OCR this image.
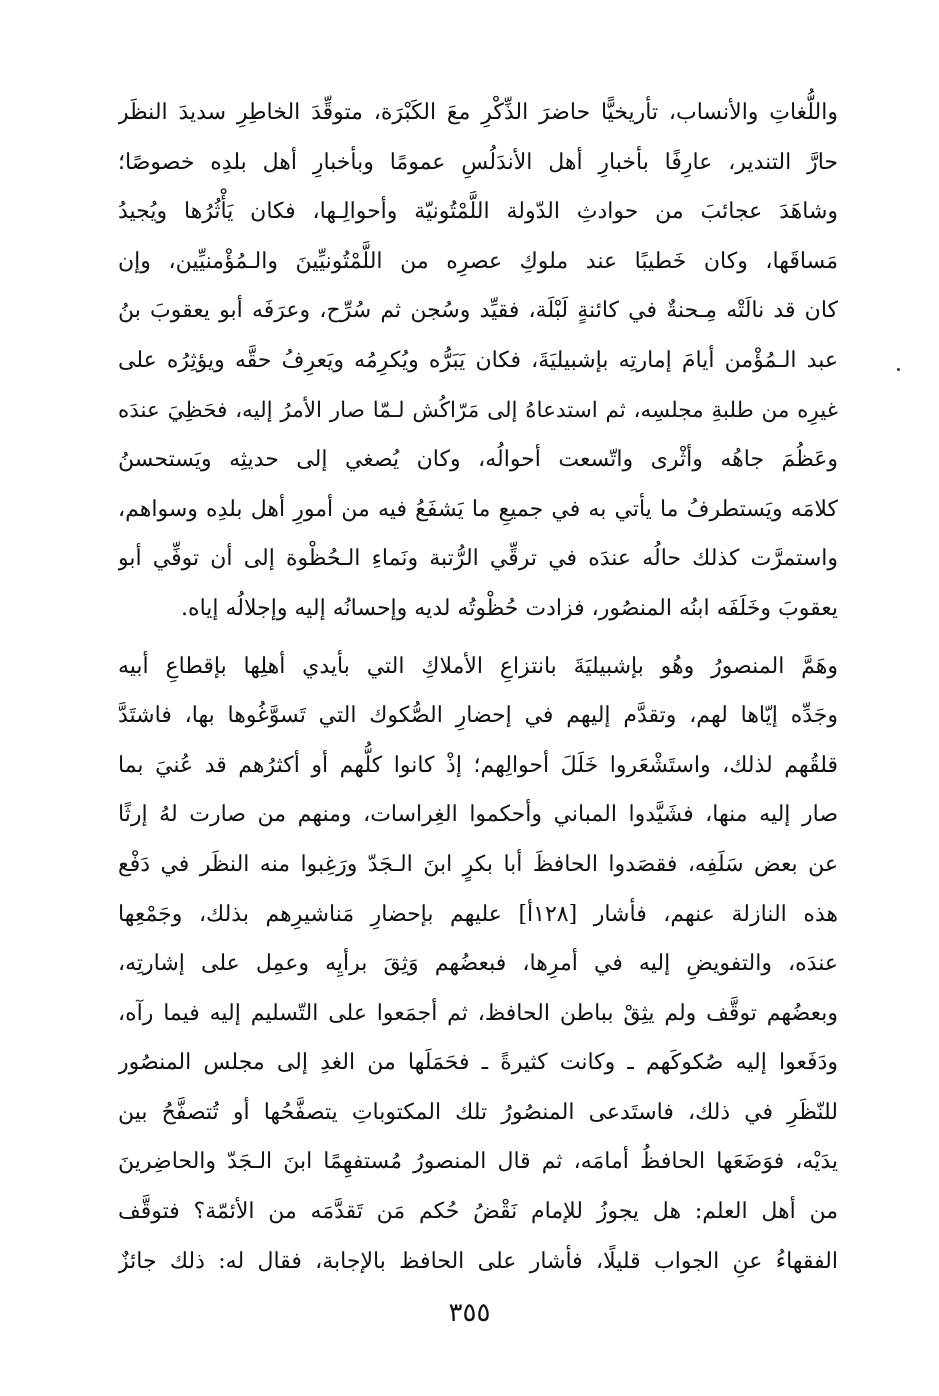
واللُّغاتِ والأنساب، تأريخيًّا حاضرَ الذِّكْرِ معَ الكَبْرَة، متوقِّدَ الخاطِرِ سديدَ النظَر
حارَّ التندير، عارِفًا بأخبارِ أهل الأندَلُسِ عمومًا وبأخبارِ أهل بلدِه خصوصًا؛
وشاهَدَ عجائبَ من حوادثِ الدّولة اللَّمْتُونيّة وأحوالِـها، فكان يَأْثُرُها ويُجيدُ
مَساقَها، وكان خَطيبًا عند ملوكِ عصرِه من اللَّمْتُونيِّينَ والـمُؤْمنيِّين، وإن
كان قد نالَتْه مِـحنةٌ في كائنةٍ لَبْلَة، فقيِّد وسُجن ثم سُرِّح، وعرَفَه أبو يعقوبَ بنُ
عبد الـمُؤْمن أيامَ إمارتِه بإشبيليَةَ، فكان يَبَرُّه ويُكرِمُه ويَعرِفُ حقَّه ويؤثِرُه على
غيرِه من طلبةِ مجلسِه، ثم استدعاهُ إلى مَرّاكُش لـمّا صار الأمرُ إليه، فحَظِيَ عندَه
وعَظُمَ جاهُه وأثْرى واتّسعت أحوالُه، وكان يُصغي إلى حديثِه ويَستحسنُ
كلامَه ويَستطرفُ ما يأتي به في جميعِ ما يَشفَعُ فيه من أمورِ أهل بلدِه وسواهم،
واستمرَّت كذلك حالُه عندَه في ترقِّي الرُّتبة ونَماءِ الـحُظْوة إلى أن توفِّي أبو
يعقوبَ وخَلَفَه ابنُه المنصُور، فزادت حُظْوتُه لديه وإحسانُه إليه وإجلالُه إياه.
وهَمَّ المنصورُ وهُو بإشبيليَةَ بانتزاعِ الأملاكِ التي بأيدي أهلِها بإقطاعِ أبيه
وجَدِّه إيّاها لهم، وتقدَّم إليهم في إحضارِ الصُّكوك التي تَسوَّغُوها بها، فاشتَدَّ
قلقُهم لذلك، واستَشْعَروا خَلَلَ أحوالِهم؛ إذْ كانوا كلُّهم أو أكثرُهم قد عُنيَ بما
صار إليه منها، فشَيَّدوا المباني وأحكموا الغِراسات، ومنهم من صارت لهُ إرثًا
عن بعض سَلَفِه، فقصَدوا الحافظَ أبا بكرٍ ابنَ الـجَدّ ورَغِبوا منه النظَر في دَفْع
هذه النازلة عنهم، فأشار [١٢٨أ] عليهم بإحضارِ مَناشيرِهم بذلك، وجَمْعِها
عندَه، والتفويضِ إليه في أمرِها، فبعضُهم وَثِقَ برأيِه وعمِل على إشارتِه،
وبعضُهم توقَّف ولم يثِقْ بباطن الحافظ، ثم أجمَعوا على التّسليم إليه فيما رآه،
ودَفَعوا إليه صُكوكَهم ـ وكانت كثيرةً ـ فحَمَلَها من الغدِ إلى مجلس المنصُور
للنّظَرِ في ذلك، فاستَدعى المنصُورُ تلك المكتوباتِ يتصفَّحُها أو تُتصفَّحُ بين
يدَيْه، فوَضَعَها الحافظُ أمامَه، ثم قال المنصورُ مُستفهِمًا ابنَ الـجَدّ والحاضِرينَ
من أهل العلم: هل يجوزُ للإمام نَقْضُ حُكم مَن تَقدَّمَه من الأئمّة؟ فتوقَّف
الفقهاءُ عنِ الجواب قليلًا، فأشار على الحافظ بالإجابة، فقال له: ذلك جائزٌ
٣٥٥
